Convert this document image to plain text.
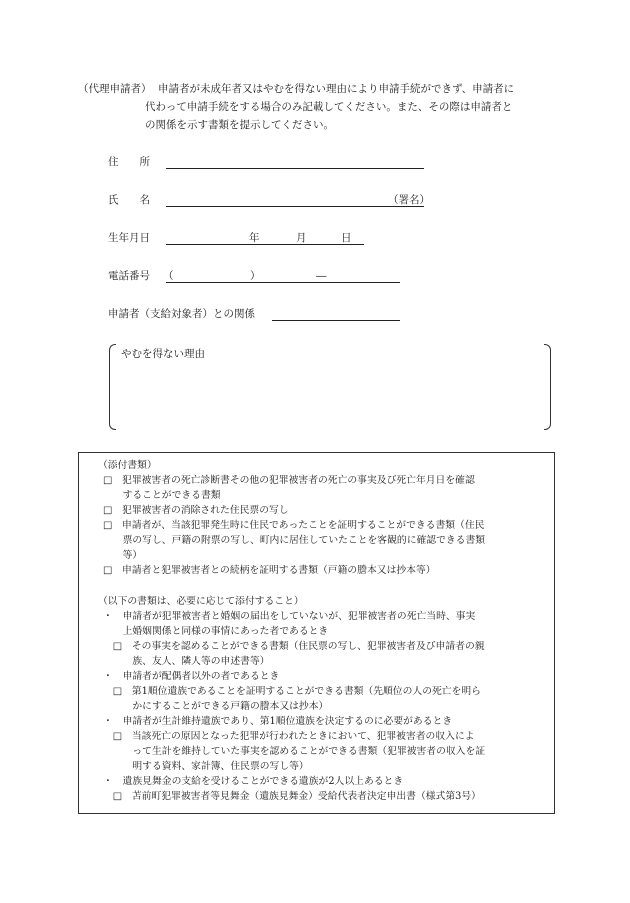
（代理申請者） 申請者が未成年者又はやむを得ない理由により申請手続ができず、申請者に
代わって申請手続をする場合のみ記載してください。また、その際は申請者と
の関係を示す書類を提示してください。
住　　所
氏　　名	（署名）
生年月日	年	月	日
電話番号 （	）	―
申請者（支給対象者）との関係
やむを得ない理由
（添付書類）
□　犯罪被害者の死亡診断書その他の犯罪被害者の死亡の事実及び死亡年月日を確認
　　することができる書類
□　犯罪被害者の消除された住民票の写し
□　申請者が、当該犯罪発生時に住民であったことを証明することができる書類（住民
　　票の写し、戸籍の附票の写し、町内に居住していたことを客観的に確認できる書類
　　等）
□　申請者と犯罪被害者との続柄を証明する書類（戸籍の謄本又は抄本等）
（以下の書類は、必要に応じて添付すること）
・　申請者が犯罪被害者と婚姻の届出をしていないが、犯罪被害者の死亡当時、事実
　　上婚姻関係と同様の事情にあった者であるとき
　□　その事実を認めることができる書類（住民票の写し、犯罪被害者及び申請者の親
　　　族、友人、隣人等の申述書等）
・　申請者が配偶者以外の者であるとき
　□　第1順位遺族であることを証明することができる書類（先順位の人の死亡を明ら
　　　かにすることができる戸籍の謄本又は抄本）
・　申請者が生計維持遺族であり、第1順位遺族を決定するのに必要があるとき
　□　当該死亡の原因となった犯罪が行われたときにおいて、犯罪被害者の収入によ
　　　って生計を維持していた事実を認めることができる書類（犯罪被害者の収入を証
　　　明する資料、家計簿、住民票の写し等）
・　遺族見舞金の支給を受けることができる遺族が2人以上あるとき
　□　苫前町犯罪被害者等見舞金（遺族見舞金）受給代表者決定申出書（様式第3号）
